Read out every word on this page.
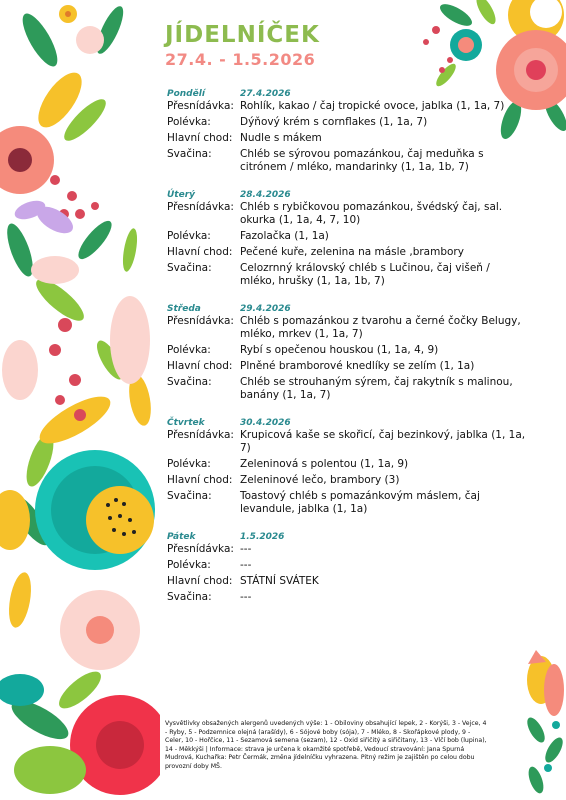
JÍDELNÍČEK
27.4. - 1.5.2026
Pondělí	27.4.2026
Přesnídávka: Rohlík, kakao / čaj tropické ovoce, jablka (1, 1a, 7)
Polévka:	Dýňový krém s cornflakes (1, 1a, 7)
Hlavní chod: Nudle s mákem
Svačina:	Chléb se sýrovou pomazánkou, čaj meduňka s citrónem / mléko, mandarinky (1, 1a, 1b, 7)
Úterý	28.4.2026
Přesnídávka: Chléb s rybičkovou pomazánkou, švédský čaj, sal. okurka (1, 1a, 4, 7, 10)
Polévka:	Fazolačka (1, 1a)
Hlavní chod: Pečené kuře, zelenina na másle ,brambory
Svačina:	Celozrnný královský chléb s Lučinou, čaj višeň / mléko, hrušky (1, 1a, 1b, 7)
Středa	29.4.2026
Přesnídávka: Chléb s pomazánkou z tvarohu a černé čočky Belugy, mléko, mrkev (1, 1a, 7)
Polévka:	Rybí s opečenou houskou (1, 1a, 4, 9)
Hlavní chod: Plněné bramborové knedlíky se zelím (1, 1a)
Svačina:	Chléb se strouhaným sýrem, čaj rakytník s malinou, banány (1, 1a, 7)
Čtvrtek	30.4.2026
Přesnídávka: Krupicová kaše se skořicí, čaj bezinkový, jablka (1, 1a, 7)
Polévka:	Zeleninová s polentou (1, 1a, 9)
Hlavní chod: Zeleninové lečo, brambory (3)
Svačina:	Toastový chléb s pomazánkovým máslem, čaj levandule, jablka (1, 1a)
Pátek	1.5.2026
Přesnídávka: ---
Polévka:	---
Hlavní chod: STÁTNÍ SVÁTEK
Svačina:	---
Vysvětlivky obsažených alergenů uvedených výše: 1 - Obiloviny obsahující lepek, 2 - Korýši, 3 - Vejce, 4 - Ryby, 5 - Podzemnice olejná (arašídy), 6 - Sójové boby (sója), 7 - Mléko, 8 - Skořápkové plody, 9 - Celer, 10 - Hořčice, 11 - Sezamová semena (sezam), 12 - Oxid siřičitý a siřičitany, 13 - Vlčí bob (lupina), 14 - Měkkýši | Informace: strava je určena k okamžité spotřebě, Vedoucí stravování: Jana Spurná Mudrová, Kuchařka: Petr Čermák, změna jídelníčku vyhrazena. Pitný režim je zajištěn po celou dobu provozní doby MŠ.
